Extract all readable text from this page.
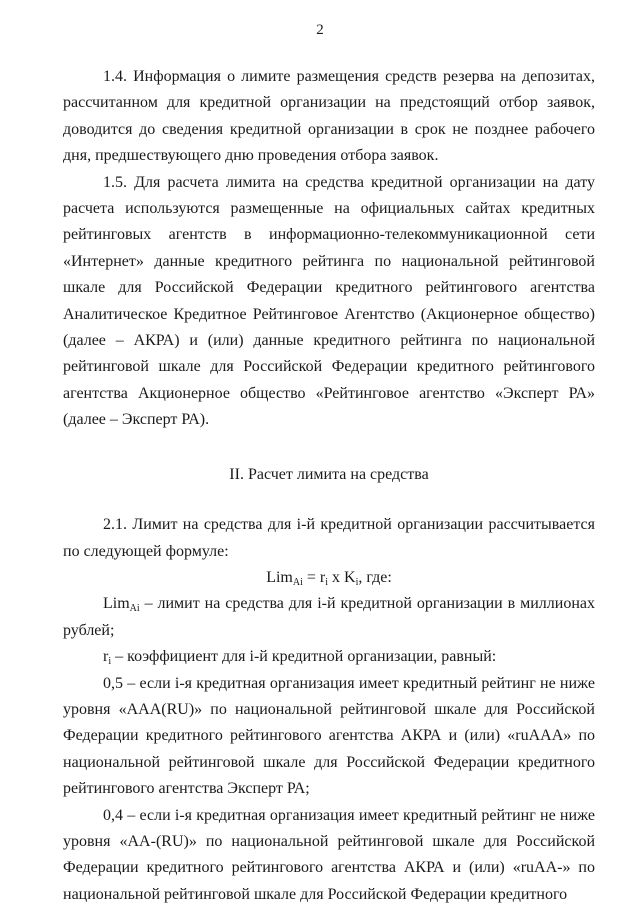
2

1.4. Информация о лимите размещения средств резерва на депозитах, рассчитанном для кредитной организации на предстоящий отбор заявок, доводится до сведения кредитной организации в срок не позднее рабочего дня, предшествующего дню проведения отбора заявок.

1.5. Для расчета лимита на средства кредитной организации на дату расчета используются размещенные на официальных сайтах кредитных рейтинговых агентств в информационно-телекоммуникационной сети «Интернет» данные кредитного рейтинга по национальной рейтинговой шкале для Российской Федерации кредитного рейтингового агентства Аналитическое Кредитное Рейтинговое Агентство (Акционерное общество) (далее – АКРА) и (или) данные кредитного рейтинга по национальной рейтинговой шкале для Российской Федерации кредитного рейтингового агентства Акционерное общество «Рейтинговое агентство «Эксперт РА» (далее – Эксперт РА).

II. Расчет лимита на средства

2.1. Лимит на средства для i-й кредитной организации рассчитывается по следующей формуле:

$Lim_{Ai} = r_i$ x $K_i$, где:

Lim$_{Ai}$ – лимит на средства для i-й кредитной организации в миллионах рублей;

$r_i$ – коэффициент для i-й кредитной организации, равный:

0,5 – если i-я кредитная организация имеет кредитный рейтинг не ниже уровня «AAA(RU)» по национальной рейтинговой шкале для Российской Федерации кредитного рейтингового агентства АКРА и (или) «ruAAA» по национальной рейтинговой шкале для Российской Федерации кредитного рейтингового агентства Эксперт РА;

0,4 – если i-я кредитная организация имеет кредитный рейтинг не ниже уровня «AA-(RU)» по национальной рейтинговой шкале для Российской Федерации кредитного рейтингового агентства АКРА и (или) «ruAA-» по национальной рейтинговой шкале для Российской Федерации кредитного
